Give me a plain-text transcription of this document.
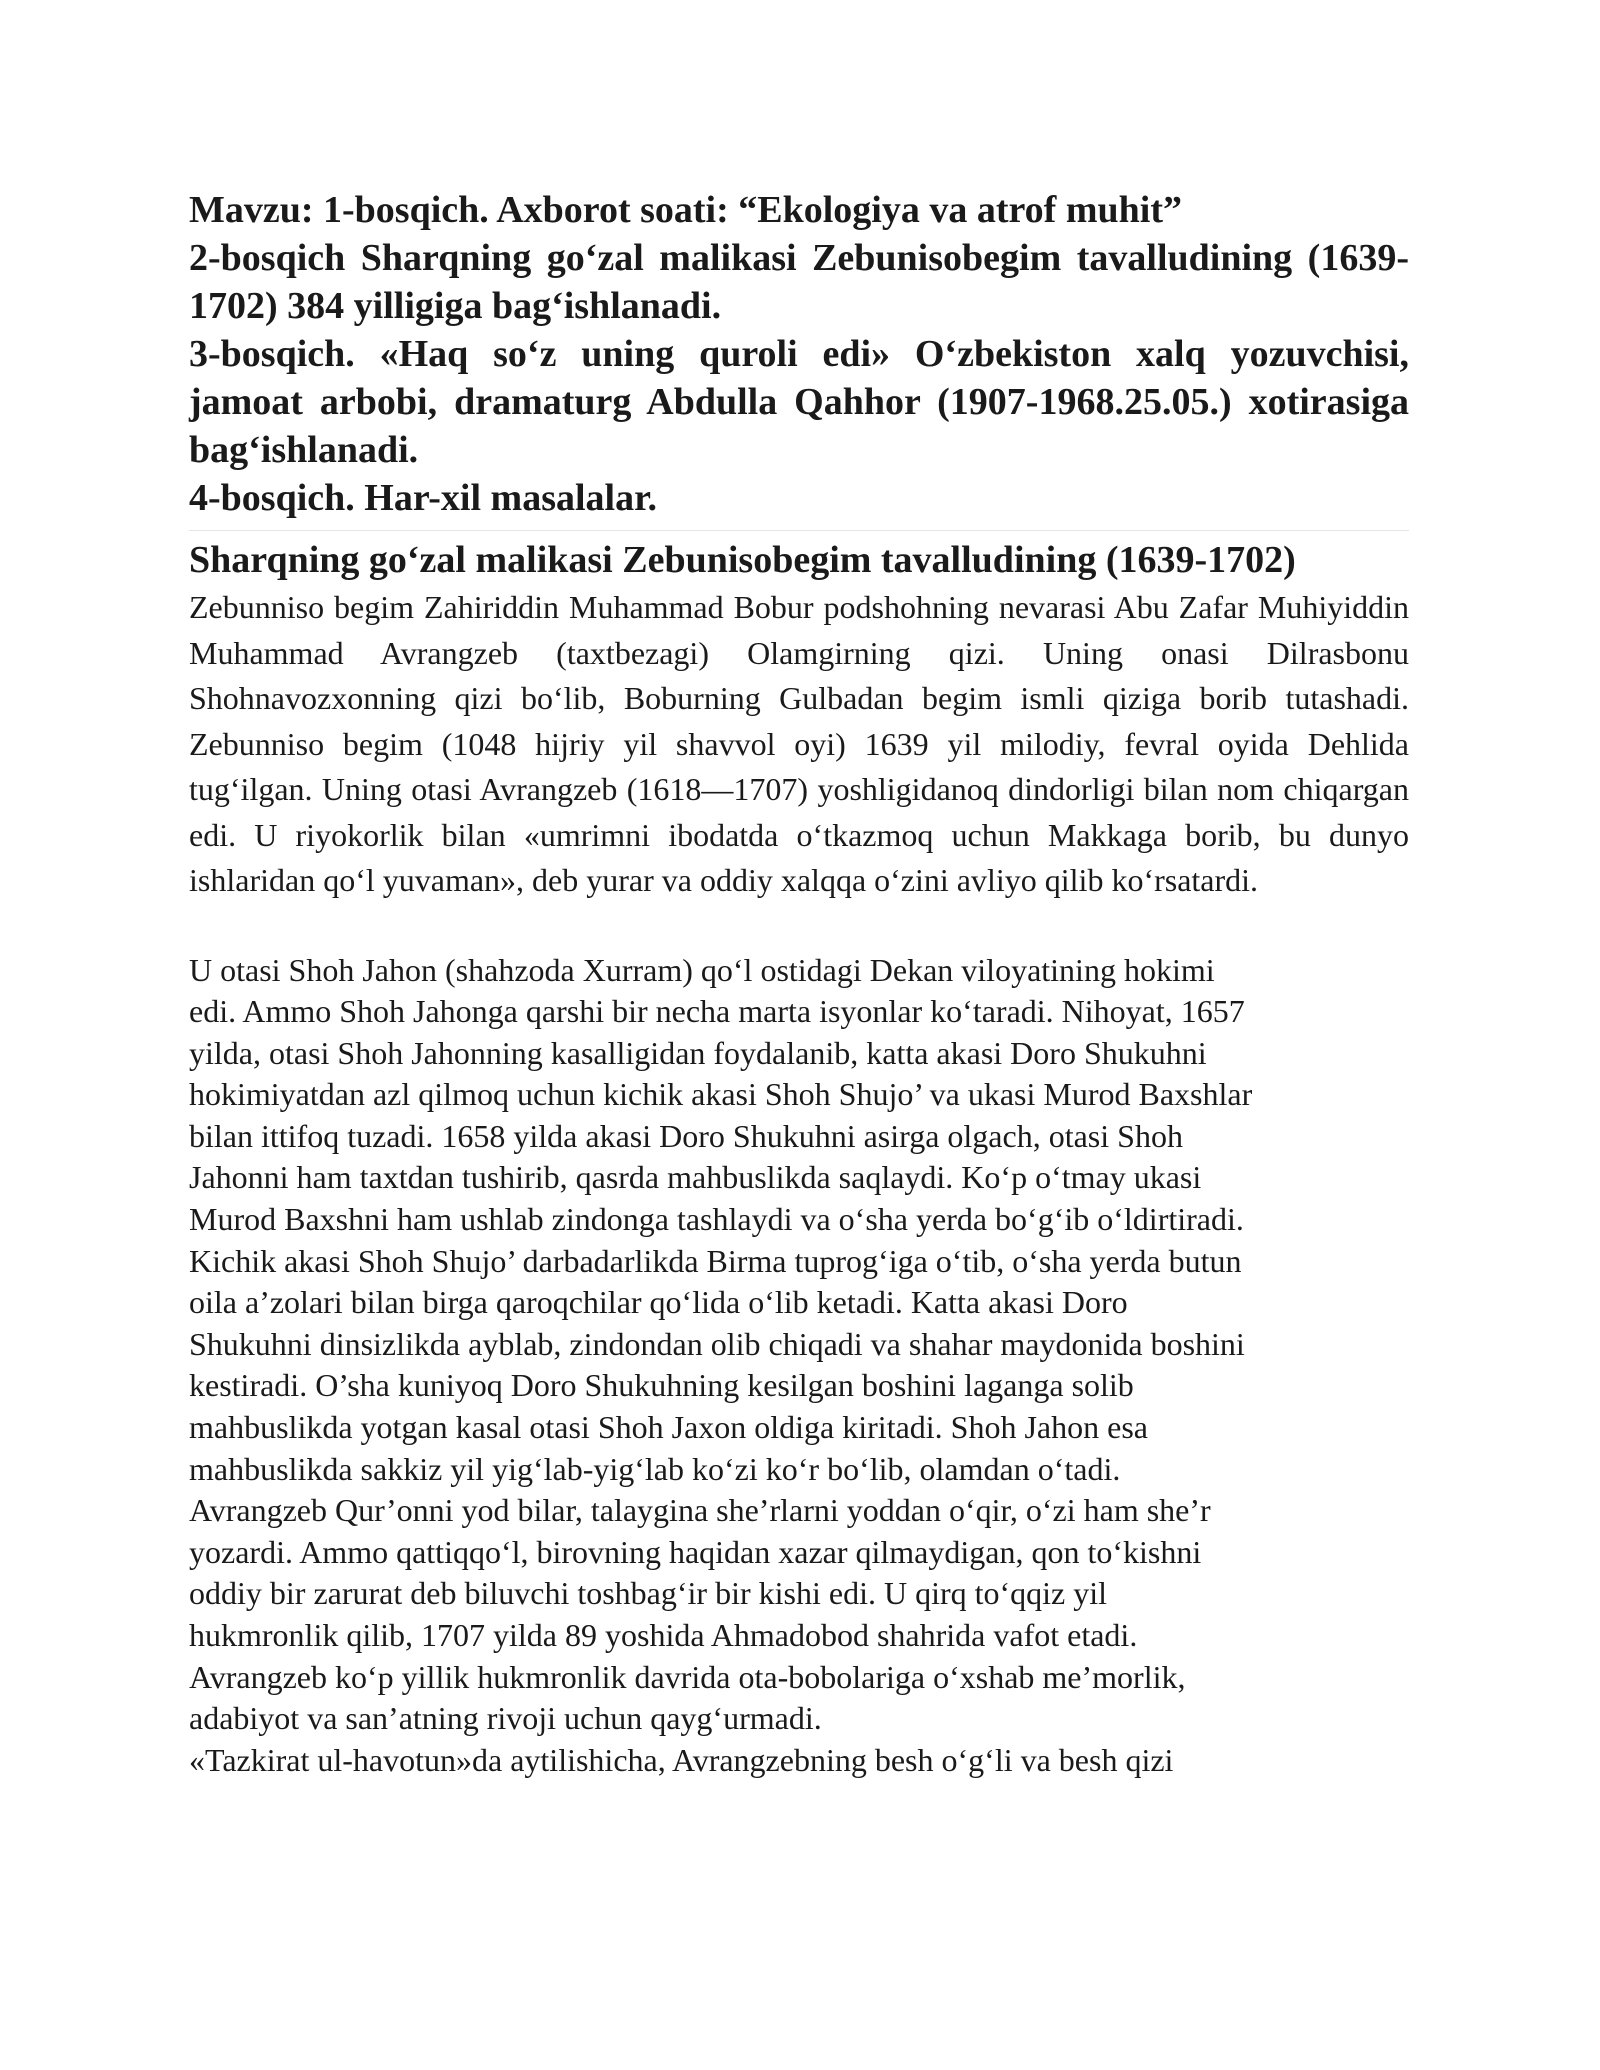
Mavzu: 1-bosqich. Axborot soati: “Ekologiya va atrof muhit”
2-bosqich Sharqning go‘zal malikasi Zebunisobegim tavalludining (1639-1702) 384 yilligiga bag‘ishlanadi.
3-bosqich. «Haq so‘z uning quroli edi» O‘zbekiston xalq yozuvchisi, jamoat arbobi, dramaturg Abdulla Qahhor (1907-1968.25.05.) xotirasiga bag‘ishlanadi.
4-bosqich. Har-xil masalalar.
Sharqning go‘zal malikasi Zebunisobegim tavalludining (1639-1702)

Zebunniso begim Zahiriddin Muhammad Bobur podshohning nevarasi Abu Zafar Muhiyiddin Muhammad Avrangzeb (taxtbezagi) Olamgirning qizi. Uning onasi Dilrasbonu Shohnavozxonning qizi bo‘lib, Boburning Gulbadan begim ismli qiziga borib tutashadi. Zebunniso begim (1048 hijriy yil shavvol oyi) 1639 yil milodiy, fevral oyida Dehlida tug‘ilgan. Uning otasi Avrangzeb (1618—1707) yoshligidanoq dindorligi bilan nom chiqargan edi. U riyokorlik bilan «umrimni ibodatda o‘tkazmoq uchun Makkaga borib, bu dunyo ishlaridan qo‘l yuvaman», deb yurar va oddiy xalqqa o‘zini avliyo qilib ko‘rsatardi.

U otasi Shoh Jahon (shahzoda Xurram) qo‘l ostidagi Dekan viloyatining hokimi
edi. Ammo Shoh Jahonga qarshi bir necha marta isyonlar ko‘taradi. Nihoyat, 1657
yilda, otasi Shoh Jahonning kasalligidan foydalanib, katta akasi Doro Shukuhni
hokimiyatdan azl qilmoq uchun kichik akasi Shoh Shujo’ va ukasi Murod Baxshlar
bilan ittifoq tuzadi. 1658 yilda akasi Doro Shukuhni asirga olgach, otasi Shoh
Jahonni ham taxtdan tushirib, qasrda mahbuslikda saqlaydi. Ko‘p o‘tmay ukasi
Murod Baxshni ham ushlab zindonga tashlaydi va o‘sha yerda bo‘g‘ib o‘ldirtiradi.
Kichik akasi Shoh Shujo’ darbadarlikda Birma tuprog‘iga o‘tib, o‘sha yerda butun
oila a’zolari bilan birga qaroqchilar qo‘lida o‘lib ketadi. Katta akasi Doro
Shukuhni dinsizlikda ayblab, zindondan olib chiqadi va shahar maydonida boshini
kestiradi. O’sha kuniyoq Doro Shukuhning kesilgan boshini laganga solib
mahbuslikda yotgan kasal otasi Shoh Jaxon oldiga kiritadi. Shoh Jahon esa
mahbuslikda sakkiz yil yig‘lab-yig‘lab ko‘zi ko‘r bo‘lib, olamdan o‘tadi.
Avrangzeb Qur’onni yod bilar, talaygina she’rlarni yoddan o‘qir, o‘zi ham she’r
yozardi. Ammo qattiqqo‘l, birovning haqidan xazar qilmaydigan, qon to‘kishni
oddiy bir zarurat deb biluvchi toshbag‘ir bir kishi edi. U qirq to‘qqiz yil
hukmronlik qilib, 1707 yilda 89 yoshida Ahmadobod shahrida vafot etadi.
Avrangzeb ko‘p yillik hukmronlik davrida ota-bobolariga o‘xshab me’morlik,
adabiyot va san’atning rivoji uchun qayg‘urmadi.

«Tazkirat ul-havotun»da aytilishicha, Avrangzebning besh o‘g‘li va besh qizi
